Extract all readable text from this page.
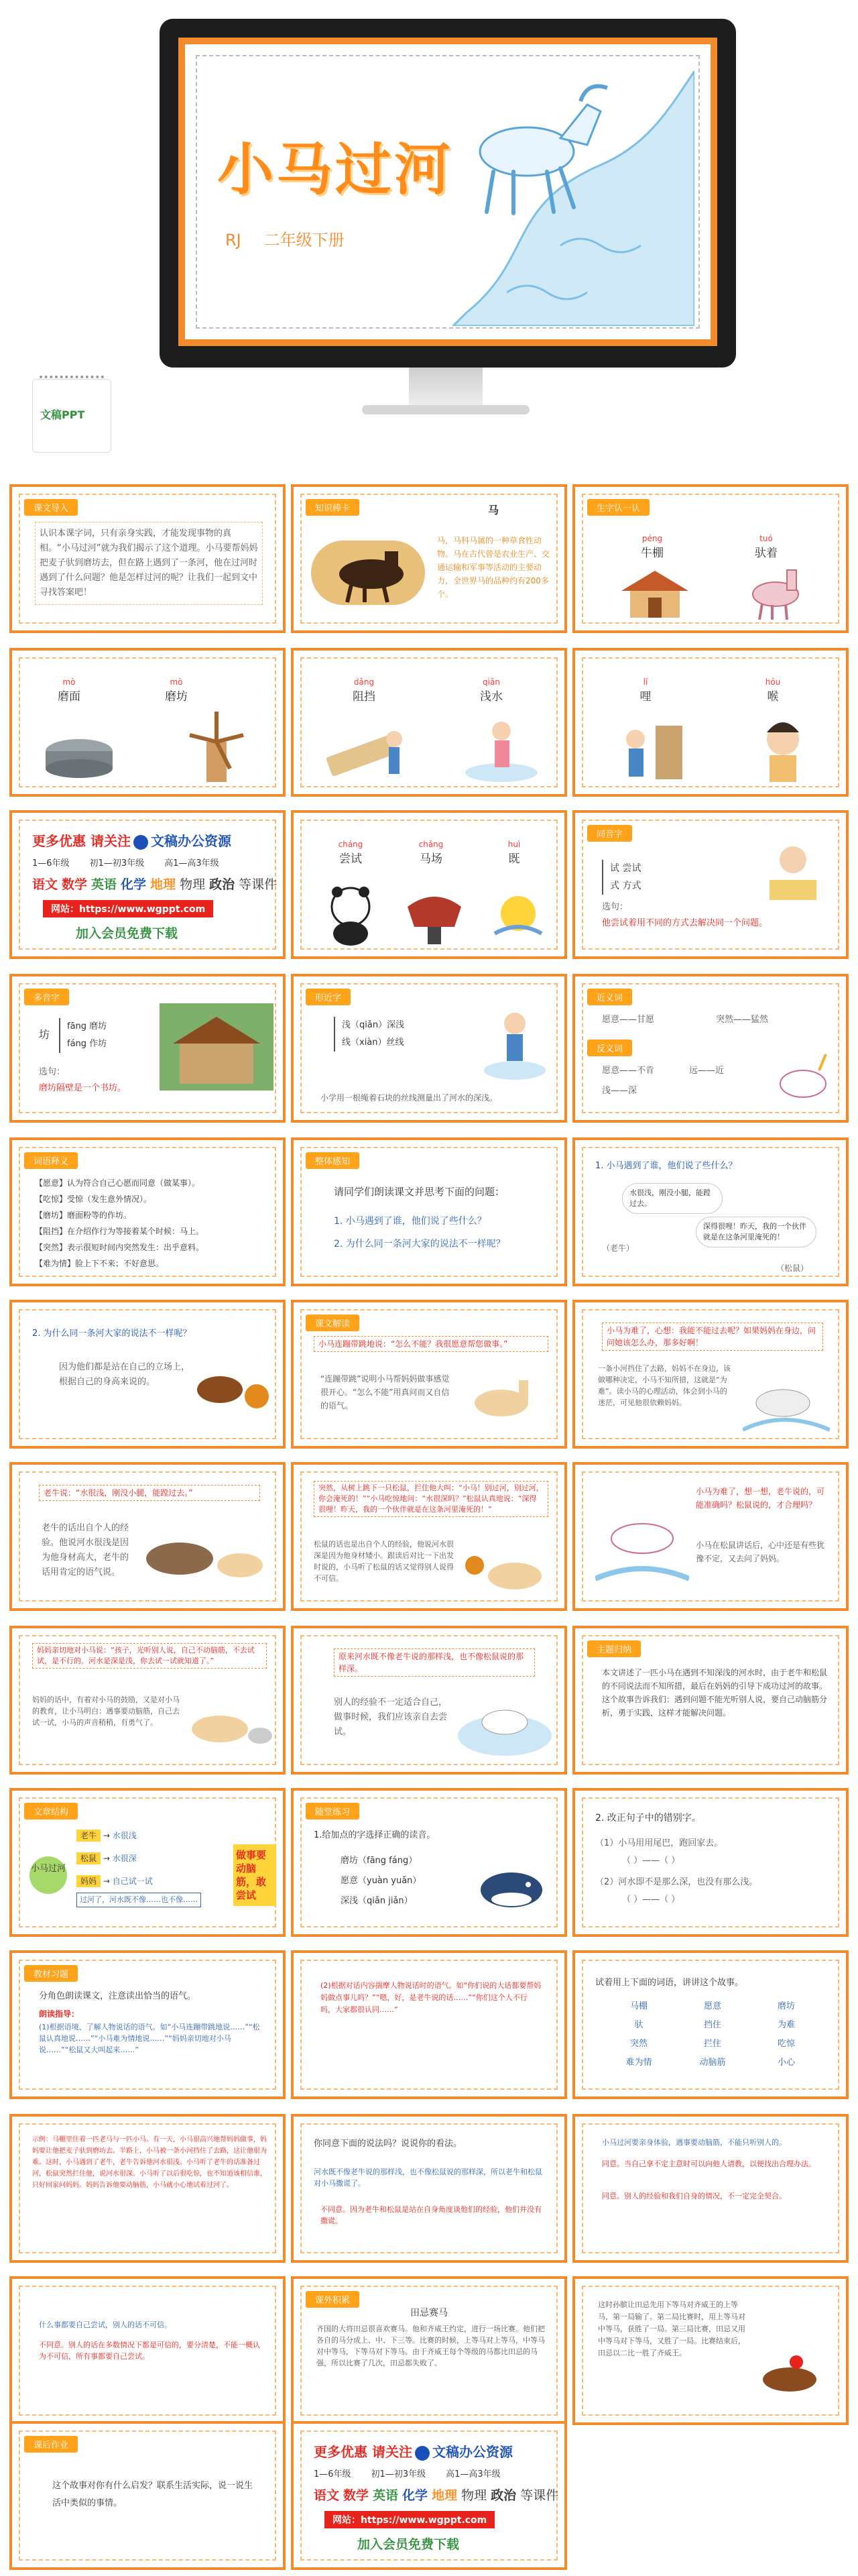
小马过河
RJ 二年级下册
文稿PPT
课文导入
认识本课字词，只有亲身实践，才能发现事物的真相。“小马过河”就为我们揭示了这个道理。小马要帮妈妈把麦子驮到磨坊去，但在路上遇到了一条河，他在过河时遇到了什么问题？他是怎样过河的呢？让我们一起到文中寻找答案吧！
知识棒卡	马
马，马科马属的一种草食性动物。马在古代曾是农业生产、交通运输和军事等活动的主要动力，全世界马的品种约有200多个。
生字认一认
péng
牛棚
tuó
驮着
mò
磨面
mò
磨坊
dǎng
阻挡
qiǎn
浅水
lǐ
哩
hóu
喉
更多优惠 请关注 文稿办公资源
1—6年级 初1—初3年级 高1—高3年级
语文 数学 英语 化学 地理 物理 政治 等课件
网站：https://www.wgppt.com
加入会员免费下载
cháng
尝试
chǎng
马场
huì
既
同音字
试 尝试
式 方式
选句：
他尝试着用不同的方式去解决同一个问题。
多音字
坊
fāng 磨坊
fáng 作坊
选句：
磨坊隔壁是一个书坊。
形近字
浅（qiǎn）深浅
线（xiàn）丝线
小学用一根绳着石块的丝线测量出了河水的深浅。
近义词
愿意——甘愿	突然——猛然
反义词
愿意——不肯	远——近
浅——深
词语释义
【愿意】认为符合自己心愿而同意（做某事）。
【吃惊】受惊（发生意外情况）。
【磨坊】磨面粉等的作坊。
【阻挡】在介绍作行为等接着某个时候：马上。
【突然】表示很短时间内突然发生：出乎意料。
【难为情】脸上下不来；不好意思。
整体感知
请同学们朗读课文并思考下面的问题：
1. 小马遇到了谁，他们说了些什么？
2. 为什么同一条河大家的说法不一样呢？
1. 小马遇到了谁，他们说了些什么？
水很浅，刚没小腿，能蹚过去。
深得很哩！昨天，我的一个伙伴就是在这条河里淹死的！
（老牛）
（松鼠）
2. 为什么同一条河大家的说法不一样呢？
因为他们都是站在自己的立场上，根据自己的身高来说的。
课文解读
小马连蹦带跳地说：“怎么不能？我很愿意帮您做事。”
“连蹦带跳”说明小马帮妈妈做事感觉很开心。“怎么不能”用真问而又自信的语气。
小马为难了，心想：我能不能过去呢？如果妈妈在身边，问问她该怎么办，那多好啊！
一条小河挡住了去路，妈妈不在身边，该做哪种决定，小马不知所措，这就是“为难”。读小马的心理活动，体会到小马的迷茫，可见他很依赖妈妈。
老牛说：“水很浅，刚没小腿，能蹚过去。”
老牛的话出自个人的经验。他说河水很浅是因为他身材高大，老牛的话用肯定的语气说。
突然，从树上跳下一只松鼠，拦住他大叫：“小马！别过河，别过河，你会淹死的！”“小马吃惊地问：“水很深吗？”松鼠认真地说：“深得很哩！昨天，我的一个伙伴就是在这条河里淹死的！”
松鼠的话也是出自个人的经验，他说河水很深是因为他身材矮小。跟读后对比一下出发时说的，小马听了松鼠的话又觉得别人说得不可信。
小马为难了，想一想，老牛说的，可能准确吗？松鼠说的，才合理吗？
小马在松鼠讲话后，心中还是有些犹豫不定，又去问了妈妈。
妈妈亲切地对小马说：“孩子，光听别人说，自己不动脑筋，不去试试，是不行的。河水是深是浅，你去试一试就知道了。”
妈妈的话中，有着对小马的鼓励，又是对小马的教育，让小马明白：遇事要动脑筋，自己去试一试，小马的声音稍稍，有勇气了。
原来河水既不像老牛说的那样浅，也不像松鼠说的那样深。
别人的经验不一定适合自己，做事时候，我们应该亲自去尝试。
主题归纳
本文讲述了一匹小马在遇到不知深浅的河水时，由于老牛和松鼠的不同说法而不知所措，最后在妈妈的引导下成功过河的故事。这个故事告诉我们：遇到问题不能光听别人说，要自己动脑筋分析，勇于实践，这样才能解决问题。
文章结构
小马过河
老牛 → 水很浅
松鼠 → 水很深
妈妈 → 自己试一试
过河了，河水既不像……也不像……
做事要动脑筋，敢尝试
随堂练习
1.给加点的字选择正确的读音。
磨坊（fāng fáng）
愿意（yuàn yuǎn）
深浅（qiǎn jiǎn）
2. 改正句子中的错别字。
（1）小马用用尾巴，跑回家去。
（ ）——（ ）
（2）河水即不是那么深，也没有那么浅。
（ ）——（ ）
教材习题
分角色朗读课文，注意读出恰当的语气。
朗读指导：
(1)根据语境、了解人物说话的语气。如“小马连蹦带跳地说……”“松鼠认真地说……”“小马难为情地说……”“妈妈亲切地对小马说……”“松鼠又大叫起来……”
(2)根据对话内容揣摩人物说话时的语气。如“你们说的大话都要帮妈妈做点事儿吗？”“嗯，好，是老牛说的话……”“你们这个人不行吗，大家都很认同……”
试着用上下面的词语，讲讲这个故事。
马棚	愿意	磨坊
驮	挡住	为难
突然	拦住	吃惊
难为情	动脑筋	小心
示例：马棚里住着一匹老马与一匹小马。有一天，小马很高兴地帮妈妈做事，妈妈要让他把麦子驮到磨坊去。半路上，小马被一条小河挡住了去路，这让他很为难。这时，小马遇到了老牛，老牛告诉他河水很浅。小马听了老牛的话准备过河，松鼠突然拦住他，说河水很深。小马听了以后很吃惊，也不知道该相信谁，只好回家问妈妈。妈妈告诉他要动脑筋，小马就小心地试着过河了。
你同意下面的说法吗？说说你的看法。
河水既不像老牛说的那样浅，也不像松鼠说的那样深，所以老牛和松鼠对小马撒谎了。
不同意。因为老牛和松鼠是站在自身角度谈他们的经验，他们并没有撒谎。
小马过河要亲身体验，遇事要动脑筋，不能只听别人的。
同意。当自己拿不定主意时可以向他人请教，以便找出合理办法。
同意。别人的经验和我们自身的情况，不一定完全契合。
什么事都要自己尝试，别人的话不可信。
不同意。别人的话在多数情况下都是可信的，要分清楚，不能一概认为不可信，所有事都要自己尝试。
课外积累
田忌赛马
齐国的大将田忌很喜欢赛马。他和齐威王约定，进行一场比赛。他们把各自的马分成上、中、下三等。比赛的时候，上等马对上等马，中等马对中等马，下等马对下等马。由于齐威王每个等级的马都比田忌的马强，所以比赛了几次，田忌都失败了。
这时孙膑让田忌先用下等马对齐威王的上等马，第一局输了。第二局比赛时，用上等马对中等马，获胜了一局。第三局比赛，田忌又用中等马对下等马，又胜了一局。比赛结束后，田忌以二比一胜了齐威王。
课后作业
这个故事对你有什么启发？联系生活实际，说一说生活中类似的事情。
更多优惠 请关注 文稿办公资源
1—6年级 初1—初3年级 高1—高3年级
语文 数学 英语 化学 地理 物理 政治 等课件
网站：https://www.wgppt.com
加入会员免费下载
